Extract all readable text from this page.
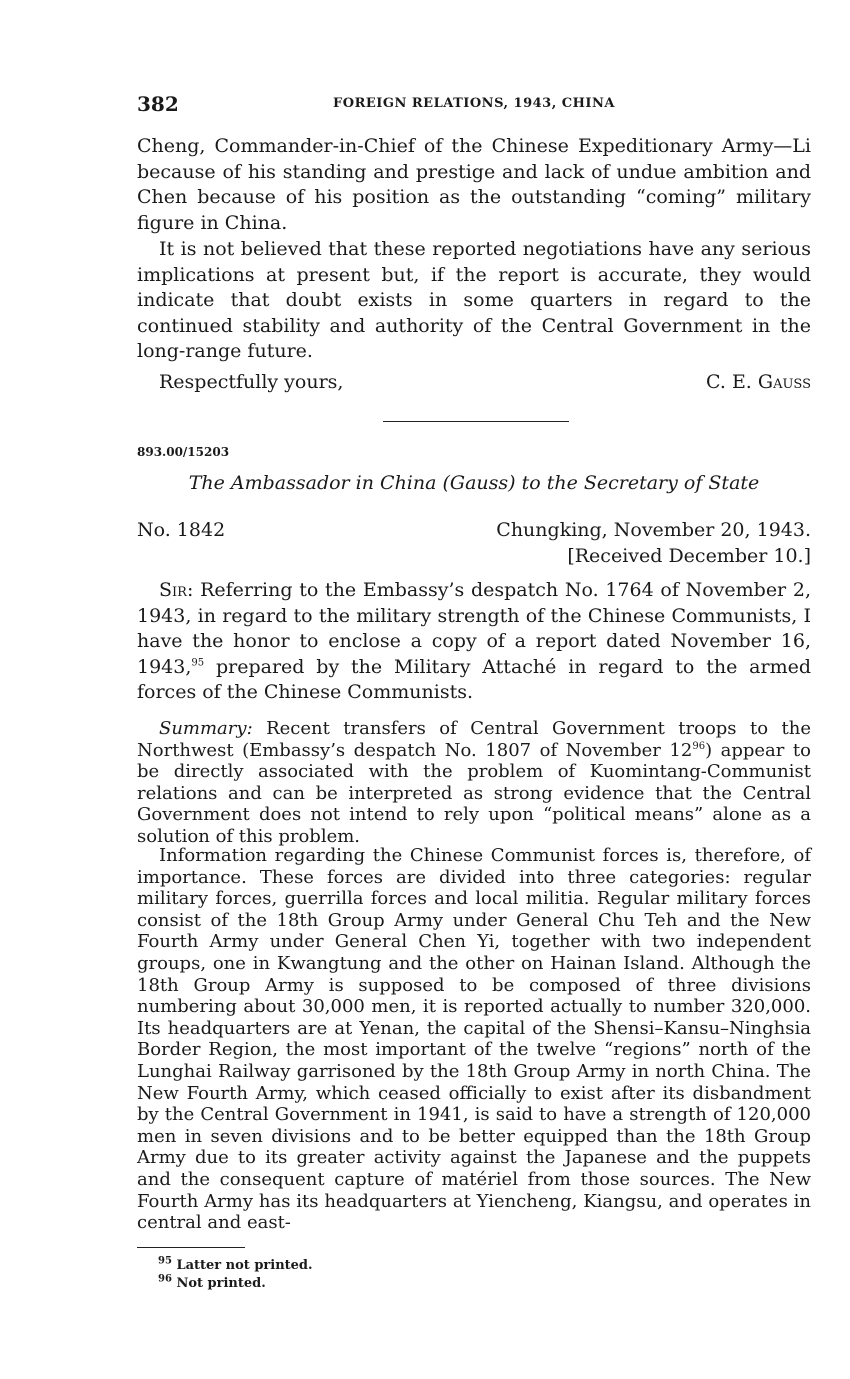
382	FOREIGN RELATIONS, 1943, CHINA

Cheng, Commander-in-Chief of the Chinese Expeditionary Army—Li because of his standing and prestige and lack of undue ambition and Chen because of his position as the outstanding “coming” military figure in China.

It is not believed that these reported negotiations have any serious implications at present but, if the report is accurate, they would indicate that doubt exists in some quarters in regard to the continued stability and authority of the Central Government in the long-range future.

Respectfully yours,	C. E. Gauss
893.00/15203
The Ambassador in China (Gauss) to the Secretary of State
No. 1842	Chungking, November 20, 1943.
[Received December 10.]

Sir: Referring to the Embassy’s despatch No. 1764 of November 2, 1943, in regard to the military strength of the Chinese Communists, I have the honor to enclose a copy of a report dated November 16, 1943,95 prepared by the Military Attaché in regard to the armed forces of the Chinese Communists.

Summary: Recent transfers of Central Government troops to the Northwest (Embassy’s despatch No. 1807 of November $12^{96}$) appear to be directly associated with the problem of Kuomintang-Communist relations and can be interpreted as strong evidence that the Central Government does not intend to rely upon “political means” alone as a solution of this problem.

Information regarding the Chinese Communist forces is, therefore, of importance. These forces are divided into three categories: regular military forces, guerrilla forces and local militia. Regular military forces consist of the 18th Group Army under General Chu Teh and the New Fourth Army under General Chen Yi, together with two independent groups, one in Kwangtung and the other on Hainan Island. Although the 18th Group Army is supposed to be composed of three divisions numbering about 30,000 men, it is reported actually to number 320,000. Its headquarters are at Yenan, the capital of the Shensi–Kansu–Ninghsia Border Region, the most important of the twelve “regions” north of the Lunghai Railway garrisoned by the 18th Group Army in north China. The New Fourth Army, which ceased officially to exist after its disbandment by the Central Government in 1941, is said to have a strength of 120,000 men in seven divisions and to be better equipped than the 18th Group Army due to its greater activity against the Japanese and the puppets and the consequent capture of matériel from those sources. The New Fourth Army has its headquarters at Yiencheng, Kiangsu, and operates in central and east-

$^{95}$ Latter not printed.
$^{96}$ Not printed.
